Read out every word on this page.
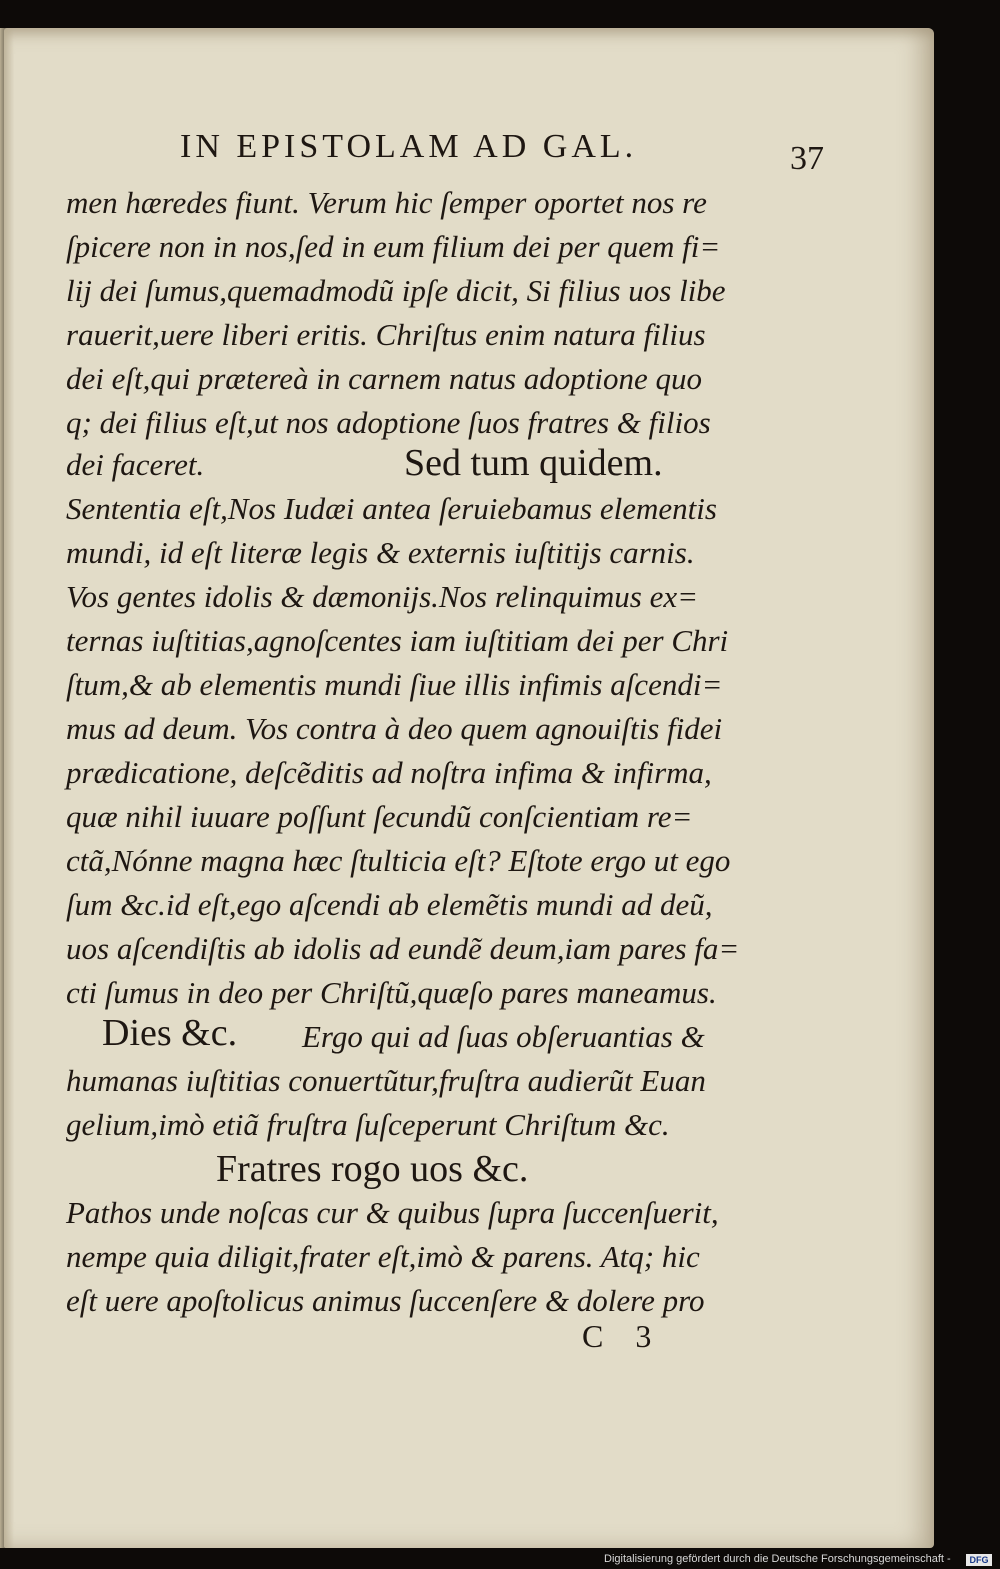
IN EPISTOLAM AD GAL.	37
men hæredes fiunt. Verum hic ſemper oportet nos re
ſpicere non in nos,ſed in eum filium dei per quem fi=
lij dei ſumus,quemadmodũ ipſe dicit, Si filius uos libe
rauerit,uere liberi eritis. Chriſtus enim natura filius
dei eſt,qui prætereà in carnem natus adoptione quo
q; dei filius eſt,ut nos adoptione ſuos fratres & filios
dei faceret.	Sed tum quidem.
Sententia eſt,Nos Iudæi antea ſeruiebamus elementis
mundi, id eſt literæ legis & externis iuſtitijs carnis.
Vos gentes idolis & dæmonijs.Nos relinquimus ex=
ternas iuſtitias,agnoſcentes iam iuſtitiam dei per Chri
ſtum,& ab elementis mundi ſiue illis infimis aſcendi=
mus ad deum. Vos contra à deo quem agnouiſtis fidei
prædicatione, deſcẽditis ad noſtra infima & infirma,
quæ nihil iuuare poſſunt ſecundũ conſcientiam re=
ctã,Nónne magna hæc ſtulticia eſt? Eſtote ergo ut ego
ſum &c.id eſt,ego aſcendi ab elemẽtis mundi ad deũ,
uos aſcendiſtis ab idolis ad eundẽ deum,iam pares fa=
cti ſumus in deo per Chriſtũ,quæſo pares maneamus.
Dies &c. Ergo qui ad ſuas obſeruantias &
humanas iuſtitias conuertũtur,fruſtra audierũt Euan
gelium,imò etiã fruſtra ſuſceperunt Chriſtum &c.
Fratres rogo uos &c.
Pathos unde noſcas cur & quibus ſupra ſuccenſuerit,
nempe quia diligit,frater eſt,imò & parens. Atq; hic
eſt uere apoſtolicus animus ſuccenſere & dolere pro
C 3
Digitalisierung gefördert durch die Deutsche Forschungsgemeinschaft -	DFG
